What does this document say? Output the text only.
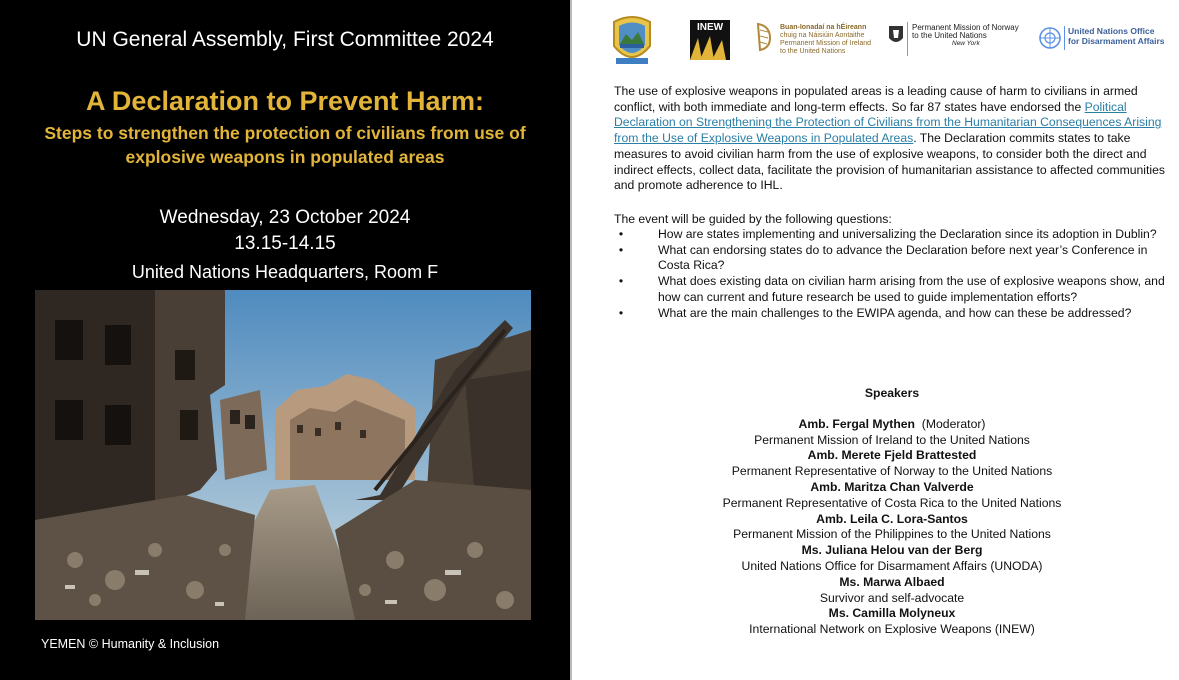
UN General Assembly, First Committee 2024
A Declaration to Prevent Harm:
Steps to strengthen the protection of civilians from use of explosive weapons in populated areas
Wednesday, 23 October 2024
13.15-14.15
United Nations Headquarters, Room F
YEMEN © Humanity & Inclusion
INEW	Buan-Ionadaí na hÉireann
chuig na Náisiúin Aontaithe
Permanent Mission of Ireland
to the United Nations
Permanent Mission of Norway
to the United Nations
New York
United Nations Office
for Disarmament Affairs
The use of explosive weapons in populated areas is a leading cause of harm to civilians in armed conflict, with both immediate and long-term effects. So far 87 states have endorsed the Political Declaration on Strengthening the Protection of Civilians from the Humanitarian Consequences Arising from the Use of Explosive Weapons in Populated Areas. The Declaration commits states to take measures to avoid civilian harm from the use of explosive weapons, to consider both the direct and indirect effects, collect data, facilitate the provision of humanitarian assistance to affected communities and promote adherence to IHL.
The event will be guided by the following questions:
•	How are states implementing and universalizing the Declaration since its adoption in Dublin?
•	What can endorsing states do to advance the Declaration before next year’s Conference in Costa Rica?
•	What does existing data on civilian harm arising from the use of explosive weapons show, and how can current and future research be used to guide implementation efforts?
•	What are the main challenges to the EWIPA agenda, and how can these be addressed?
Speakers
Amb. Fergal Mythen (Moderator)
Permanent Mission of Ireland to the United Nations
Amb. Merete Fjeld Brattested
Permanent Representative of Norway to the United Nations
Amb. Maritza Chan Valverde
Permanent Representative of Costa Rica to the United Nations
Amb. Leila C. Lora-Santos
Permanent Mission of the Philippines to the United Nations
Ms. Juliana Helou van der Berg
United Nations Office for Disarmament Affairs (UNODA)
Ms. Marwa Albaed
Survivor and self-advocate
Ms. Camilla Molyneux
International Network on Explosive Weapons (INEW)
